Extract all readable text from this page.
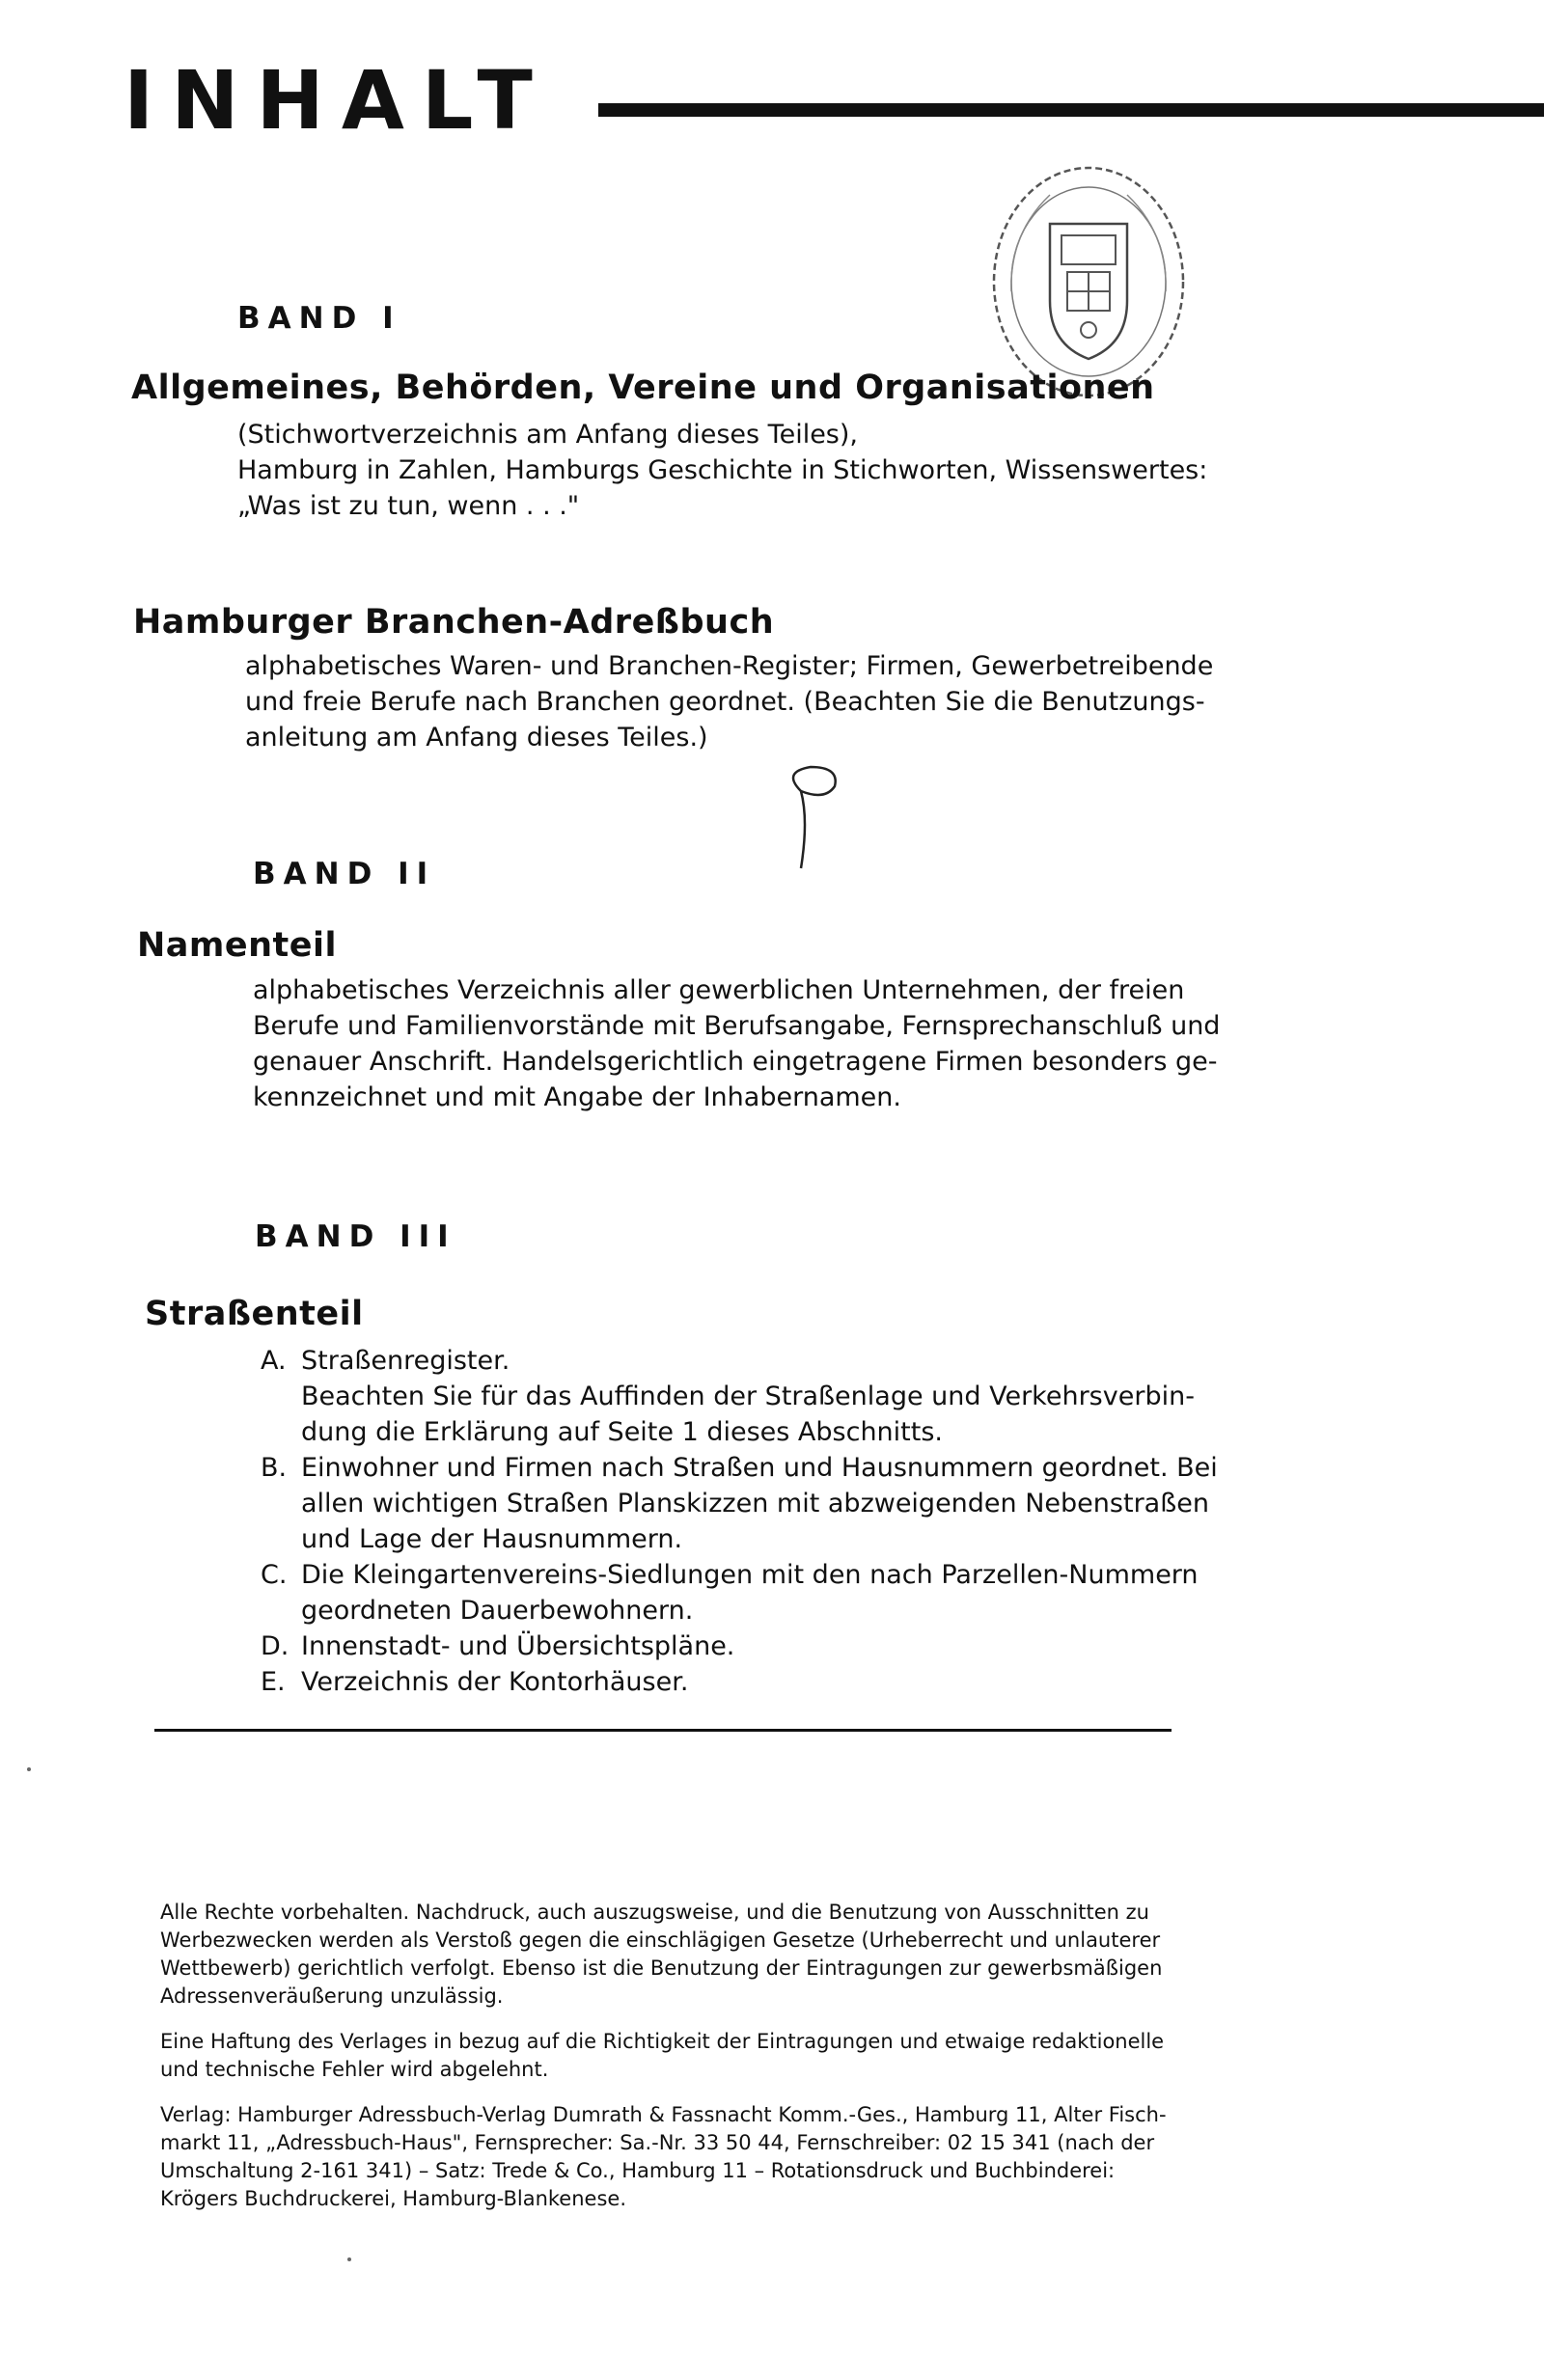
INHALT
BAND I
Allgemeines, Behörden, Vereine und Organisationen

(Stichwortverzeichnis am Anfang dieses Teiles),

Hamburg in Zahlen, Hamburgs Geschichte in Stichworten, Wissenswertes:

„Was ist zu tun, wenn . . ."

Hamburger Branchen-Adreßbuch

alphabetisches Waren- und Branchen-Register; Firmen, Gewerbetreibende

und freie Berufe nach Branchen geordnet. (Beachten Sie die Benutzungs-

anleitung am Anfang dieses Teiles.)

BAND II
Namenteil

alphabetisches Verzeichnis aller gewerblichen Unternehmen, der freien

Berufe und Familienvorstände mit Berufsangabe, Fernsprechanschluß und

genauer Anschrift. Handelsgerichtlich eingetragene Firmen besonders ge-

kennzeichnet und mit Angabe der Inhabernamen.

BAND III
Straßenteil
A. Straßenregister.
Beachten Sie für das Auffinden der Straßenlage und Verkehrsverbin-
dung die Erklärung auf Seite 1 dieses Abschnitts.
B. Einwohner und Firmen nach Straßen und Hausnummern geordnet. Bei
allen wichtigen Straßen Planskizzen mit abzweigenden Nebenstraßen
und Lage der Hausnummern.
C. Die Kleingartenvereins-Siedlungen mit den nach Parzellen-Nummern
geordneten Dauerbewohnern.
D. Innenstadt- und Übersichtspläne.
E. Verzeichnis der Kontorhäuser.

Alle Rechte vorbehalten. Nachdruck, auch auszugsweise, und die Benutzung von Ausschnitten zu
Werbezwecken werden als Verstoß gegen die einschlägigen Gesetze (Urheberrecht und unlauterer
Wettbewerb) gerichtlich verfolgt. Ebenso ist die Benutzung der Eintragungen zur gewerbsmäßigen
Adressenveräußerung unzulässig.

Eine Haftung des Verlages in bezug auf die Richtigkeit der Eintragungen und etwaige redaktionelle
und technische Fehler wird abgelehnt.

Verlag: Hamburger Adressbuch-Verlag Dumrath & Fassnacht Komm.-Ges., Hamburg 11, Alter Fisch-
markt 11, „Adressbuch-Haus", Fernsprecher: Sa.-Nr. 33 50 44, Fernschreiber: 02 15 341 (nach der
Umschaltung 2-161 341) – Satz: Trede & Co., Hamburg 11 – Rotationsdruck und Buchbinderei:
Krögers Buchdruckerei, Hamburg-Blankenese.
